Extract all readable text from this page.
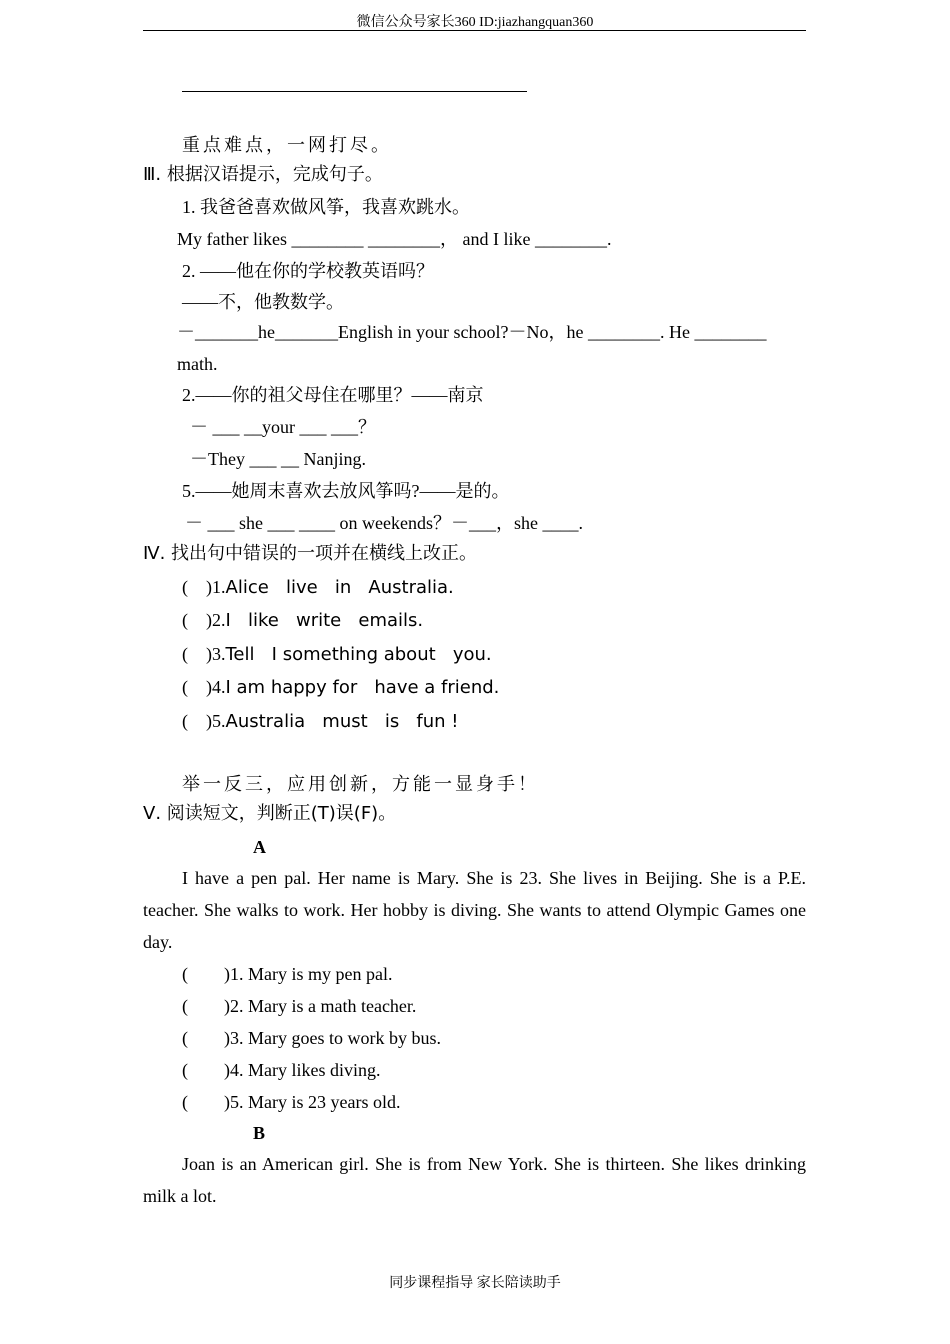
微信公众号家长360 ID:jiazhangquan360
重点难点，一网打尽。
Ⅲ. 根据汉语提示，完成句子。
1. 我爸爸喜欢做风筝，我喜欢跳水。
My father likes ________ ________， and I like ________.
2. ——他在你的学校教英语吗？
——不，他教数学。
－_______he_______English in your school?－No，he ________. He ________
math.
2.——你的祖父母住在哪里？——南京
－ ___ __your ___ ___？
－They ___ __ Nanjing.
5.——她周末喜欢去放风筝吗?——是的。
－ ___ she ___ ____ on weekends？－___，she ____.
Ⅳ. 找出句中错误的一项并在横线上改正。
(    )1.Alice   live   in   Australia.
(    )2.I   like   write   emails.
(    )3.Tell   I something about   you.
(    )4.I am happy for   have a friend.
(    )5.Australia   must   is   fun !
举一反三，应用创新，方能一显身手！
Ⅴ. 阅读短文，判断正(T)误(F)。
A
I have a pen pal. Her name is Mary. She is 23. She lives in Beijing. She is a P.E. teacher. She walks to work. Her hobby is diving. She wants to attend Olympic Games one day.
(        )1. Mary is my pen pal.
(        )2. Mary is a math teacher.
(        )3. Mary goes to work by bus.
(        )4. Mary likes diving.
(        )5. Mary is 23 years old.
B
Joan is an American girl. She is from New York. She is thirteen. She likes drinking milk a lot.
同步课程指导 家长陪读助手
